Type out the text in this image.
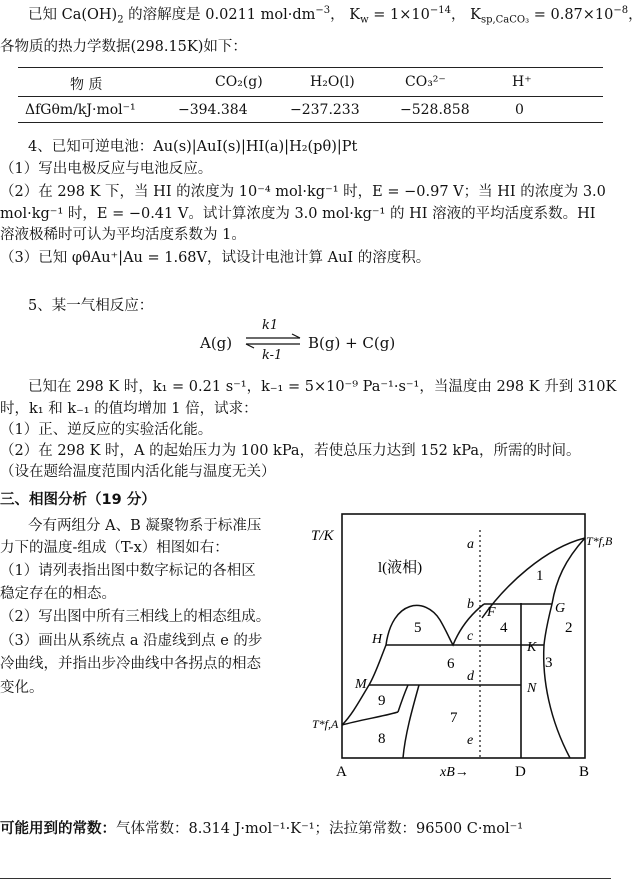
已知 $Ca(OH)_2$ 的溶解度是 0.0211 $mol\cdot dm^{-3}$， $K_w = 1\times 10^{-14}$， $K_{sp,CaCO_3} = 0.87\times 10^{-8}$，
各物质的热力学数据(298.15K)如下：
物 质	CO₂(g)	H₂O(l)	CO₃²⁻	H⁺
ΔfGθm/kJ·mol⁻¹	−394.384	−237.233	−528.858	0
4、已知可逆电池：Au(s)|AuI(s)|HI(a)|H₂(pθ)|Pt
（1）写出电极反应与电池反应。
（2）在 298 K 下，当 HI 的浓度为 10⁻⁴ mol·kg⁻¹ 时，E = −0.97 V；当 HI 的浓度为 3.0
mol·kg⁻¹ 时，E = −0.41 V。试计算浓度为 3.0 mol·kg⁻¹ 的 HI 溶液的平均活度系数。HI
溶液极稀时可认为平均活度系数为 1。
（3）已知 φθAu⁺|Au = 1.68V，试设计电池计算 AuI 的溶度积。
5、某一气相反应：
A(g)
k1
k-1
B(g) + C(g)
已知在 298 K 时，k₁ = 0.21 s⁻¹，k₋₁ = 5×10⁻⁹ Pa⁻¹·s⁻¹，当温度由 298 K 升到 310K
时，k₁ 和 k₋₁ 的值均增加 1 倍，试求：
（1）正、逆反应的实验活化能。
（2）在 298 K 时，A 的起始压力为 100 kPa，若使总压力达到 152 kPa，所需的时间。
（设在题给温度范围内活化能与温度无关）
三、相图分析（19 分）
今有两组分 A、B 凝聚物系于标准压
力下的温度-组成（T-x）相图如右：
（1）请列表指出图中数字标记的各相区
稳定存在的相态。
（2）写出图中所有三相线上的相态组成。
（3）画出从系统点 a 沿虚线到点 e 的步
冷曲线，并指出步冷曲线中各拐点的相态
变化。
T/K
l(液相)
T*f,B
T*f,A
A	xB→	D	B
1
2
3
4
5
6
7
8
9
a
b
c
d
e
F	G
H
K
M	N
可能用到的常数：气体常数：8.314 J·mol⁻¹·K⁻¹；法拉第常数：96500 C·mol⁻¹
